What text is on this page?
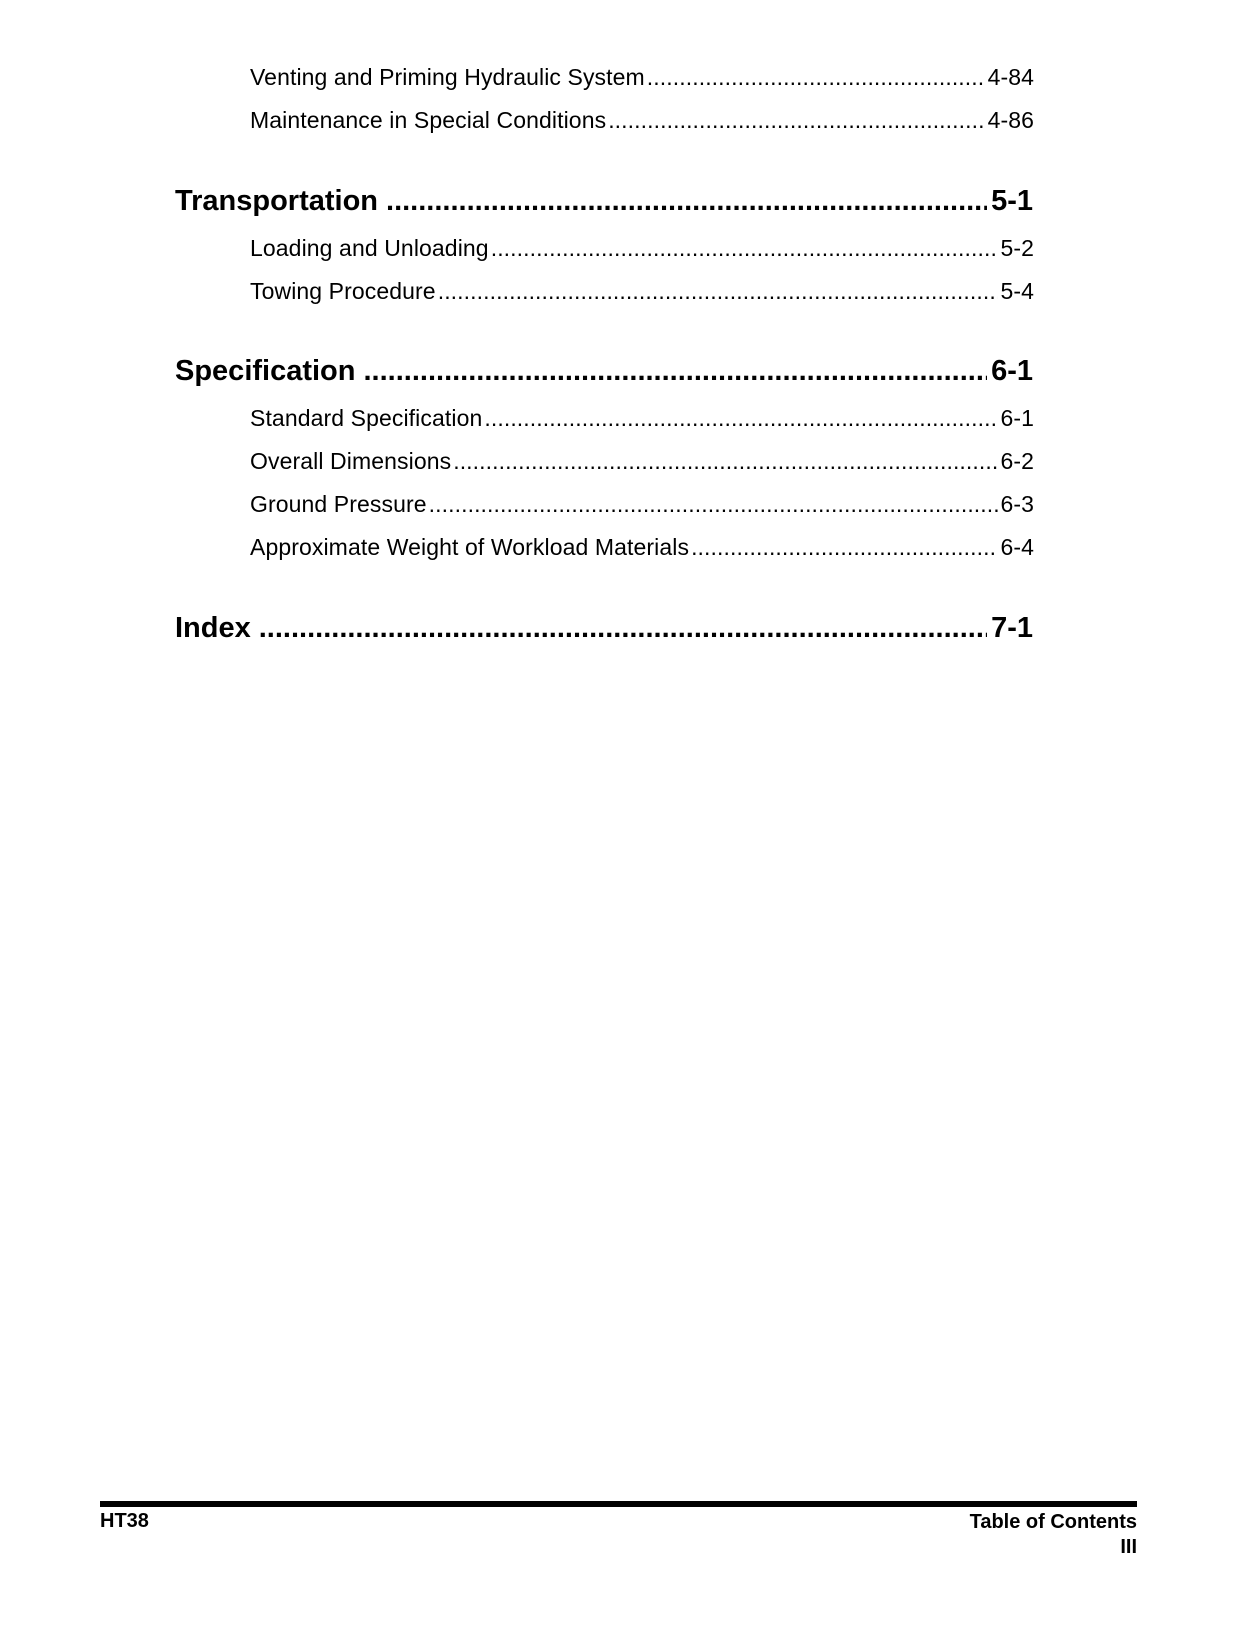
Venting and Priming Hydraulic System .....	4-84
Maintenance in Special Conditions .....	4-86
Transportation .....	5-1
Loading and Unloading .....	5-2
Towing Procedure .....	5-4
Specification .....	6-1
Standard Specification .....	6-1
Overall Dimensions .....	6-2
Ground Pressure .....	6-3
Approximate Weight of Workload Materials .....	6-4
Index .....	7-1
HT38	Table of Contents
III
